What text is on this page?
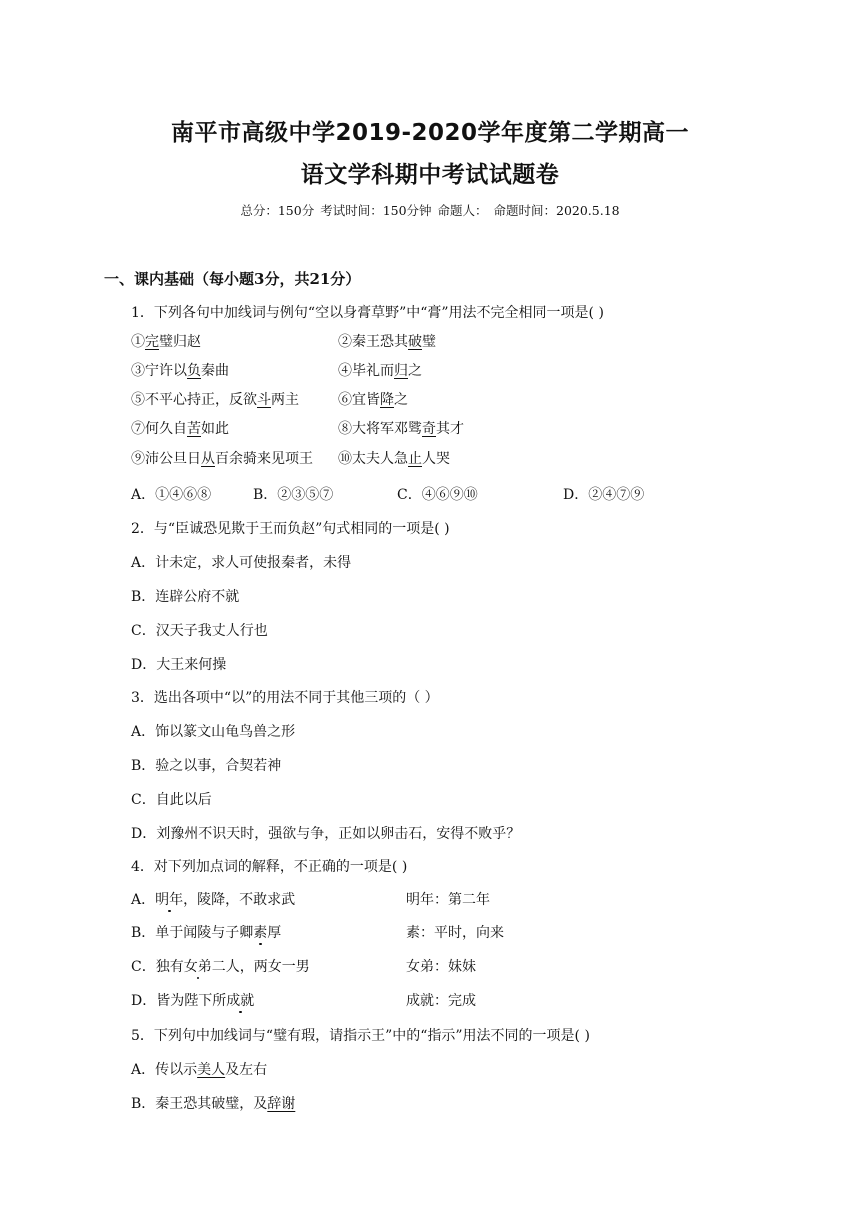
南平市高级中学2019-2020学年度第二学期高一
语文学科期中考试试题卷
总分：150分 考试时间：150分钟 命题人： 命题时间：2020.5.18
一、课内基础（每小题3分，共21分）
1．下列各句中加线词与例句“空以身膏草野”中“膏”用法不完全相同一项是( )
①完璧归赵	②秦王恐其破璧
③宁许以负秦曲	④毕礼而归之
⑤不平心持正，反欲斗两主	⑥宜皆降之
⑦何久自苦如此	⑧大将军邓骘奇其才
⑨沛公旦日从百余骑来见项王 ⑩太夫人急止人哭
A．①④⑥⑧	B．②③⑤⑦	C．④⑥⑨⑩	D．②④⑦⑨
2．与“臣诚恐见欺于王而负赵”句式相同的一项是( )
A．计未定，求人可使报秦者，未得
B．连辟公府不就
C．汉天子我丈人行也
D．大王来何操
3．选出各项中“以”的用法不同于其他三项的（ ）
A．饰以篆文山龟鸟兽之形
B．验之以事，合契若神
C．自此以后
D．刘豫州不识天时，强欲与争，正如以卵击石，安得不败乎？
4．对下列加点词的解释，不正确的一项是( )
A．明年，陵降，不敢求武	明年：第二年
B．单于闻陵与子卿素厚	素：平时，向来
C．独有女弟二人，两女一男	女弟：妹妹
D．皆为陛下所成就	成就：完成
5．下列句中加线词与“璧有瑕，请指示王”中的“指示”用法不同的一项是( )
A．传以示美人及左右
B．秦王恐其破璧，及辞谢
